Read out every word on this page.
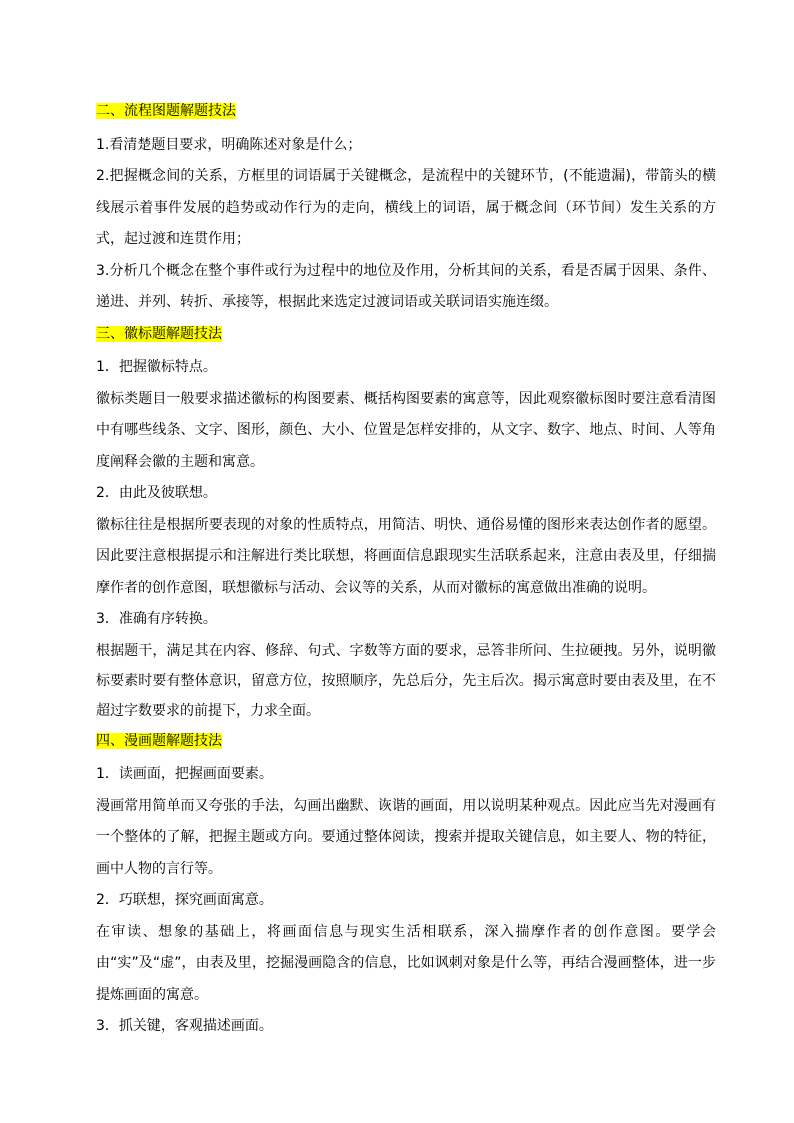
二、流程图题解题技法

1.看清楚题目要求，明确陈述对象是什么；

2.把握概念间的关系，方框里的词语属于关键概念，是流程中的关键环节，(不能遗漏)，带箭头的横线展示着事件发展的趋势或动作行为的走向，横线上的词语，属于概念间（环节间）发生关系的方式，起过渡和连贯作用；

3.分析几个概念在整个事件或行为过程中的地位及作用，分析其间的关系，看是否属于因果、条件、递进、并列、转折、承接等，根据此来选定过渡词语或关联词语实施连缀。

三、徽标题解题技法

1．把握徽标特点。

徽标类题目一般要求描述徽标的构图要素、概括构图要素的寓意等，因此观察徽标图时要注意看清图中有哪些线条、文字、图形，颜色、大小、位置是怎样安排的，从文字、数字、地点、时间、人等角度阐释会徽的主题和寓意。

2．由此及彼联想。

徽标往往是根据所要表现的对象的性质特点，用简洁、明快、通俗易懂的图形来表达创作者的愿望。因此要注意根据提示和注解进行类比联想，将画面信息跟现实生活联系起来，注意由表及里，仔细揣摩作者的创作意图，联想徽标与活动、会议等的关系，从而对徽标的寓意做出准确的说明。

3．准确有序转换。

根据题干，满足其在内容、修辞、句式、字数等方面的要求，忌答非所问、生拉硬拽。另外，说明徽标要素时要有整体意识，留意方位，按照顺序，先总后分，先主后次。揭示寓意时要由表及里，在不超过字数要求的前提下，力求全面。

四、漫画题解题技法

1．读画面，把握画面要素。

漫画常用简单而又夸张的手法，勾画出幽默、诙谐的画面，用以说明某种观点。因此应当先对漫画有一个整体的了解，把握主题或方向。要通过整体阅读，搜索并提取关键信息，如主要人、物的特征，画中人物的言行等。

2．巧联想，探究画面寓意。

在审读、想象的基础上，将画面信息与现实生活相联系，深入揣摩作者的创作意图。要学会由“实”及“虚”，由表及里，挖掘漫画隐含的信息，比如讽刺对象是什么等，再结合漫画整体，进一步提炼画面的寓意。

3．抓关键，客观描述画面。
